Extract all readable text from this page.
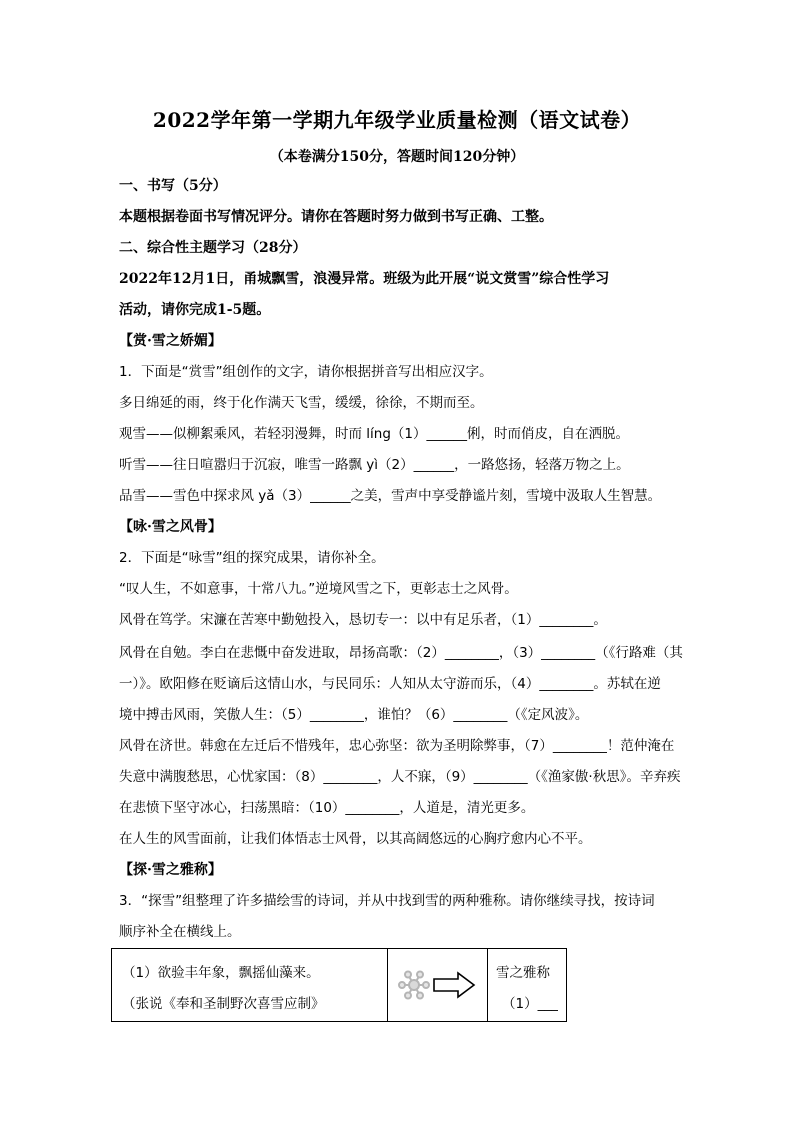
2022学年第一学期九年级学业质量检测（语文试卷）
（本卷满分150分，答题时间120分钟）
一、书写（5分）
本题根据卷面书写情况评分。请你在答题时努力做到书写正确、工整。
二、综合性主题学习（28分）
2022年12月1日，甬城飘雪，浪漫异常。班级为此开展“说文赏雪”综合性学习
活动，请你完成1-5题。
【赏·雪之娇媚】
1．下面是“赏雪”组创作的文字，请你根据拼音写出相应汉字。
多日绵延的雨，终于化作满天飞雪，缓缓，徐徐，不期而至。
观雪——似柳絮乘风，若轻羽漫舞，时而 líng（1）______俐，时而俏皮，自在洒脱。
听雪——往日喧嚣归于沉寂，唯雪一路飘 yì（2）______，一路悠扬，轻落万物之上。
品雪——雪色中探求风 yǎ（3）______之美，雪声中享受静谧片刻，雪境中汲取人生智慧。
【咏·雪之风骨】
2．下面是“咏雪”组的探究成果，请你补全。
“叹人生，不如意事，十常八九。”逆境风雪之下，更彰志士之风骨。
风骨在笃学。宋濂在苦寒中勤勉投入，恳切专一：以中有足乐者，（1）________。
风骨在自勉。李白在悲慨中奋发进取，昂扬高歌：（2）________，（3）________（《行路难（其
一）》。欧阳修在贬谪后这情山水，与民同乐：人知从太守游而乐，（4）________。苏轼在逆
境中搏击风雨，笑傲人生：（5）________，谁怕？（6）________（《定风波》。
风骨在济世。韩愈在左迁后不惜残年，忠心弥坚：欲为圣明除弊事，（7）________！范仲淹在
失意中满腹愁思，心忧家国：（8）________，人不寐，（9）________（《渔家傲·秋思》。辛弃疾
在悲愤下坚守冰心，扫荡黑暗：（10）________，人道是，清光更多。
在人生的风雪面前，让我们体悟志士风骨，以其高阔悠远的心胸疗愈内心不平。
【探·雪之雅称】
3．“探雪”组整理了许多描绘雪的诗词，并从中找到雪的两种雅称。请你继续寻找，按诗词
顺序补全在横线上。
（1）欲验丰年象，飘摇仙藻来。
（张说《奉和圣制野次喜雪应制》
雪之雅称
（1）___
